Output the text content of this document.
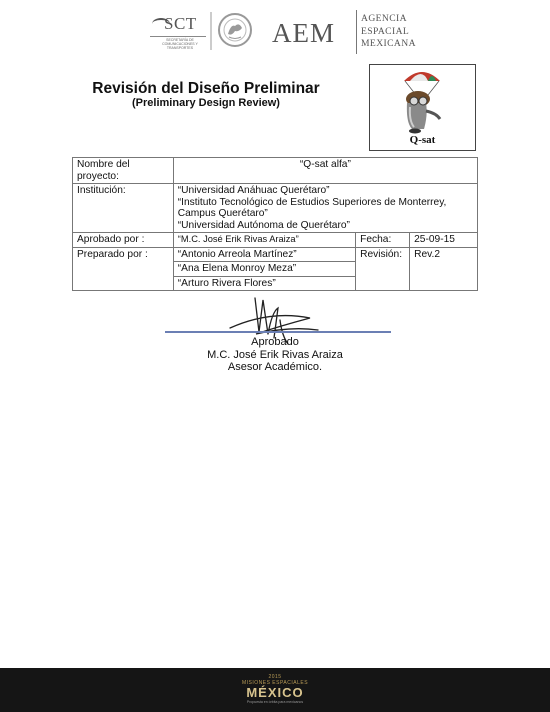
SCT
SECRETARÍA DE COMUNICACIONES Y TRANSPORTES	AEM	AGENCIA
ESPACIAL
MEXICANA
Revisión del Diseño Preliminar
(Preliminary Design Review)
Q-sat
Nombre del proyecto:	“Q-sat alfa”		
Institución:	“Universidad Anáhuac Querétaro”
“Instituto Tecnológico de Estudios Superiores de Monterrey, Campus Querétaro”
“Universidad Autónoma de Querétaro”		

Aprobado por :	“M.C. José Erik Rivas Araiza”	Fecha:	25-09-15
Preparado por :	“Antonio Arreola Martínez”	Revisión:	Rev.2
	“Ana Elena Monroy Meza”		
	“Arturo Rivera Flores”		
Aprobado
M.C. José Erik Rivas Araiza
Asesor Académico.
2015
MISIONES ESPACIALES
MÉXICO
Propuesta en órbita para mexicanos
